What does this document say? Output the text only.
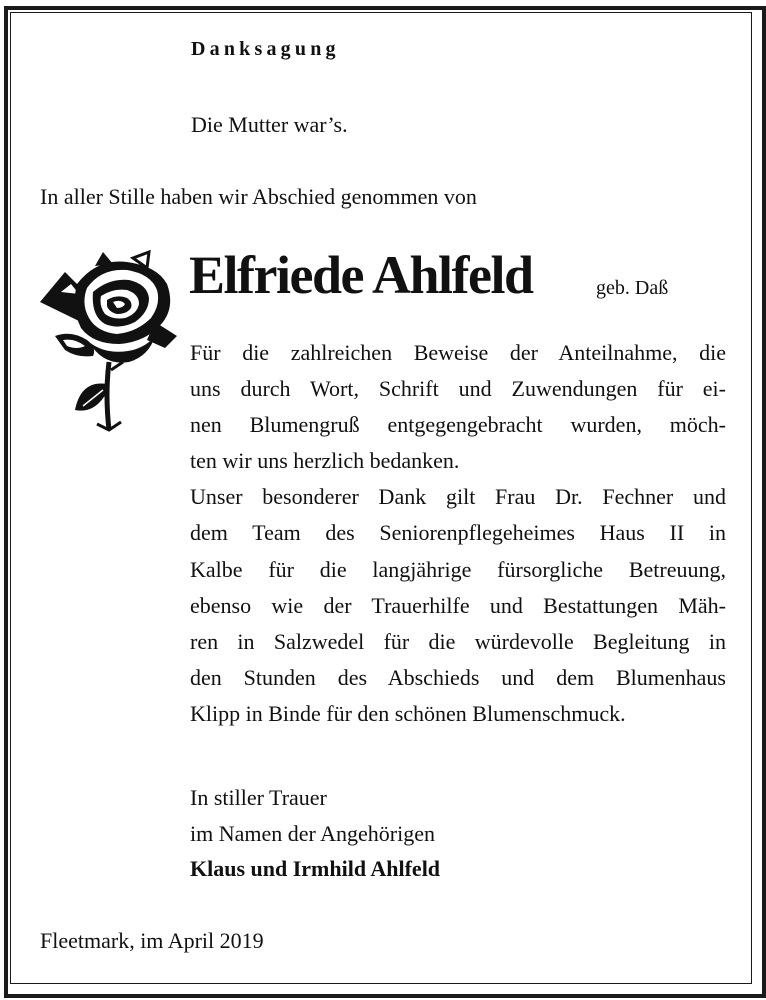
Danksagung
Die Mutter war’s.
In aller Stille haben wir Abschied genommen von
Elfriede Ahlfeld	geb. Daß
Für die zahlreichen Beweise der Anteilnahme, die
uns durch Wort, Schrift und Zuwendungen für ei-
nen Blumengruß entgegengebracht wurden, möch-
ten wir uns herzlich bedanken.
Unser besonderer Dank gilt Frau Dr. Fechner und
dem Team des Seniorenpflegeheimes Haus II in
Kalbe für die langjährige fürsorgliche Betreuung,
ebenso wie der Trauerhilfe und Bestattungen Mäh-
ren in Salzwedel für die würdevolle Begleitung in
den Stunden des Abschieds und dem Blumenhaus
Klipp in Binde für den schönen Blumenschmuck.
In stiller Trauer
im Namen der Angehörigen
Klaus und Irmhild Ahlfeld
Fleetmark, im April 2019
